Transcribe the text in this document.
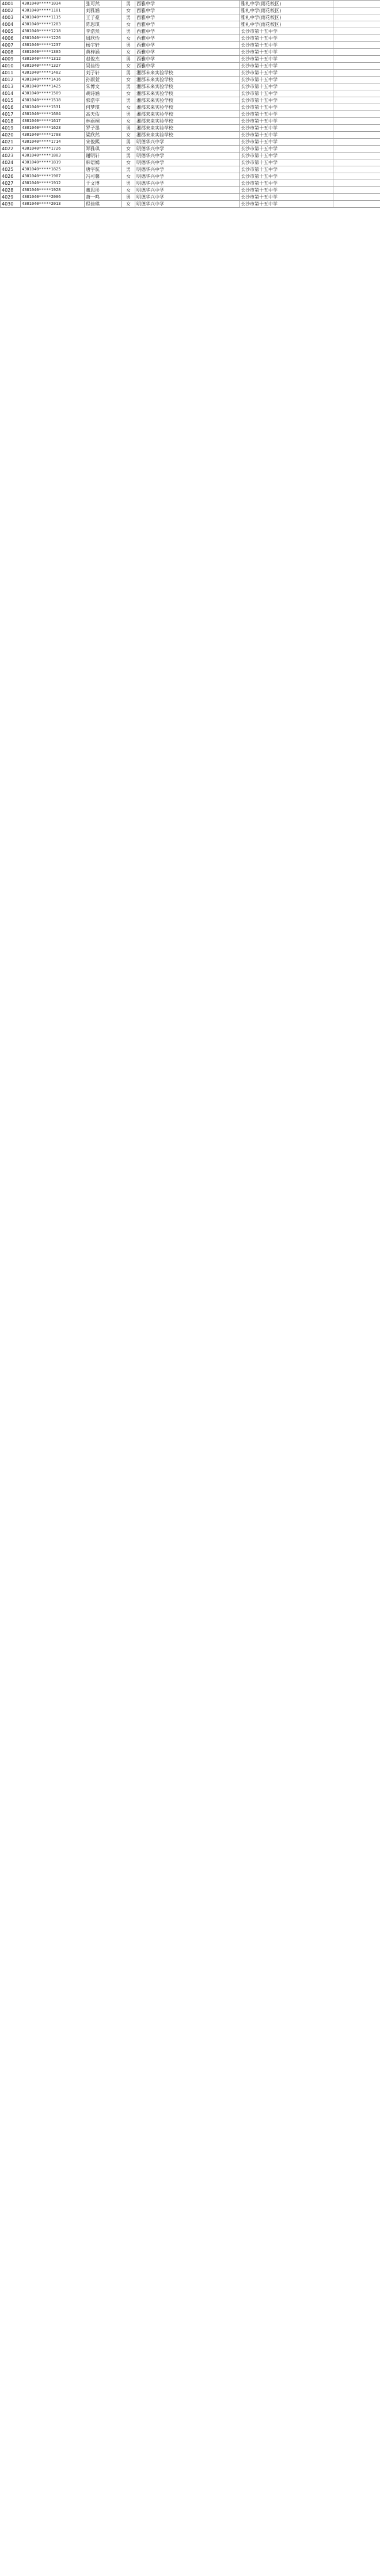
4001	4301040*****1034	张可然	男	西雅中学	雅礼中学(雨花校区)	
4002	4301040*****1101	刘雅涵	女	西雅中学	雅礼中学(雨花校区)	
4003	4301040*****1115	王子豪	男	西雅中学	雅礼中学(雨花校区)	
4004	4301040*****1203	陈思琪	女	西雅中学	雅礼中学(雨花校区)	
4005	4301040*****1218	李浩然	男	西雅中学	长沙市第十五中学	
4006	4301040*****1226	周欣怡	女	西雅中学	长沙市第十五中学	
4007	4301040*****1237	杨宇轩	男	西雅中学	长沙市第十五中学	
4008	4301040*****1305	黄梓涵	女	西雅中学	长沙市第十五中学	
4009	4301040*****1312	赵俊杰	男	西雅中学	长沙市第十五中学	
4010	4301040*****1327	吴佳怡	女	西雅中学	长沙市第十五中学	
4011	4301040*****1402	刘子轩	男	湘郡未来实验学校	长沙市第十五中学	
4012	4301040*****1416	孙雨萱	女	湘郡未来实验学校	长沙市第十五中学	
4013	4301040*****1425	朱博文	男	湘郡未来实验学校	长沙市第十五中学	
4014	4301040*****1509	胡诗涵	女	湘郡未来实验学校	长沙市第十五中学	
4015	4301040*****1518	郭浩宇	男	湘郡未来实验学校	长沙市第十五中学	
4016	4301040*****1531	何梦琪	女	湘郡未来实验学校	长沙市第十五中学	
4017	4301040*****1604	高天佑	男	湘郡未来实验学校	长沙市第十五中学	
4018	4301040*****1617	林雨桐	女	湘郡未来实验学校	长沙市第十五中学	
4019	4301040*****1623	罗子墨	男	湘郡未来实验学校	长沙市第十五中学	
4020	4301040*****1708	梁欣然	女	湘郡未来实验学校	长沙市第十五中学	
4021	4301040*****1714	宋俊熙	男	明德华兴中学	长沙市第十五中学	
4022	4301040*****1726	郑雅琪	女	明德华兴中学	长沙市第十五中学	
4023	4301040*****1803	谢明轩	男	明德华兴中学	长沙市第十五中学	
4024	4301040*****1819	韩语嫣	女	明德华兴中学	长沙市第十五中学	
4025	4301040*****1825	唐宇航	男	明德华兴中学	长沙市第十五中学	
4026	4301040*****1907	冯可馨	女	明德华兴中学	长沙市第十五中学	
4027	4301040*****1912	于文博	男	明德华兴中学	长沙市第十五中学	
4028	4301040*****1928	董思彤	女	明德华兴中学	长沙市第十五中学	
4029	4301040*****2006	萧一鸣	男	明德华兴中学	长沙市第十五中学	
4030	4301040*****2013	程佳琪	女	明德华兴中学	长沙市第十五中学	
